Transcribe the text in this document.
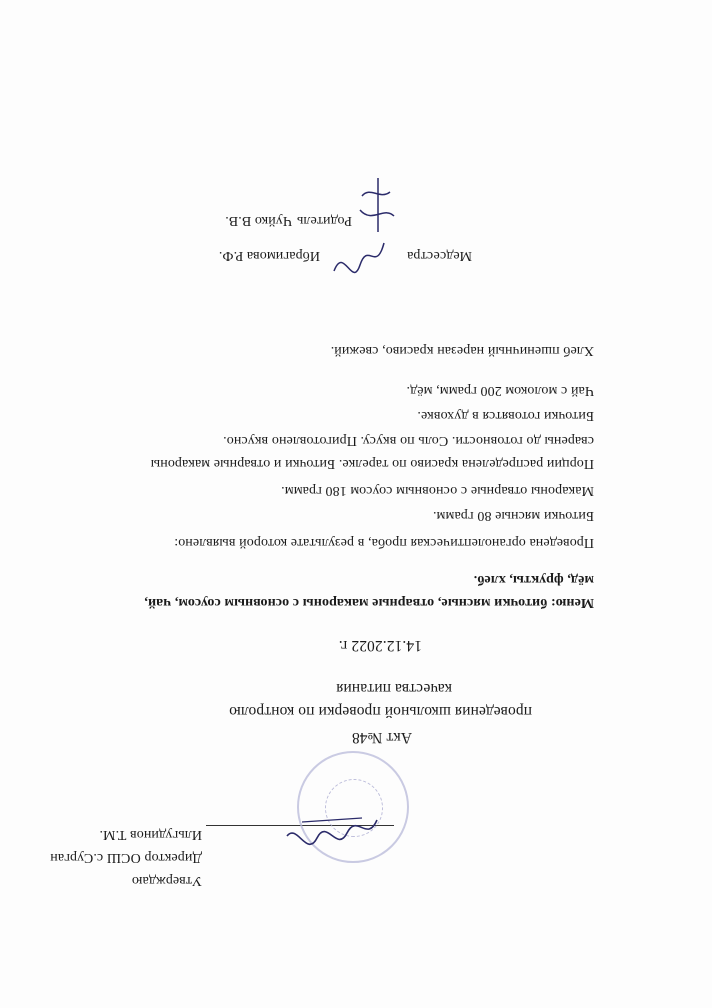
Утверждаю
Директор ОСШ с.Сурган
Ильгудинов Т.М.
Акт №48
проведения школьной проверки по контролю
качества питания
14.12.2022 г.
Меню: биточки мясные, отварные макароны с основным соусом, чай,
мёд, фрукты, хлеб.
Проведена органолептическая проба, в результате которой выявлено:
Биточки мясные 80 грамм.
Макароны отварные с основным соусом 180 грамм.
Порции распределена красиво по тарелке. Биточки и отварные макароны
сварены до готовности. Соль по вкусу. Приготовлено вкусно.
Биточки готовятся в духовке.
Чай с молоком 200 грамм, мёд.
Хлеб пшеничный нарезан красиво, свежий.
Медсестра
Ибрагимова Р.Ф.
Родитель
Чуйко В.В.
